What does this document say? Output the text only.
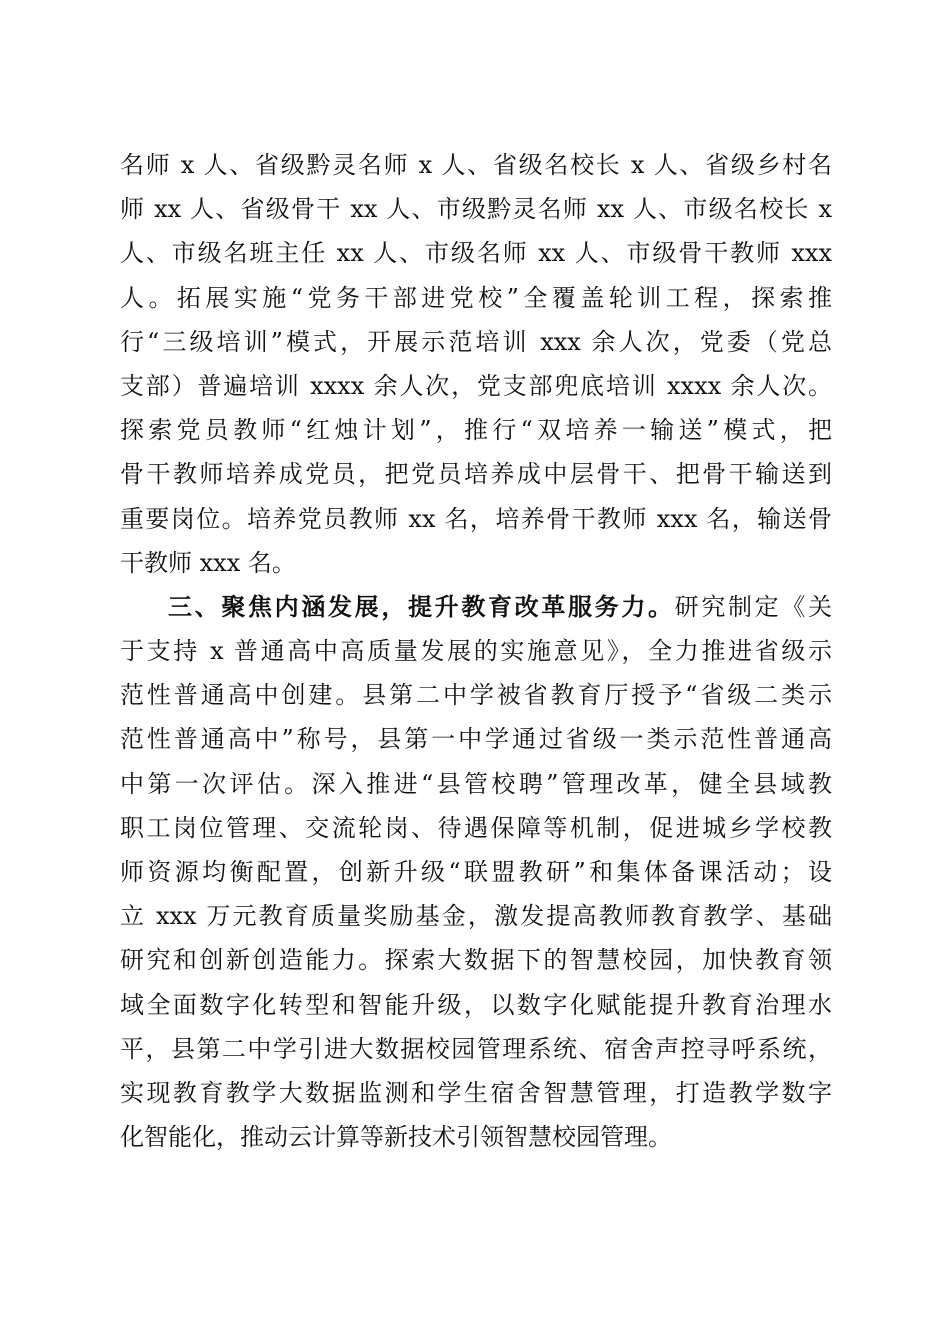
名师 x 人、省级黔灵名师 x 人、省级名校长 x 人、省级乡村名
师 xx 人、省级骨干 xx 人、市级黔灵名师 xx 人、市级名校长 x
人、市级名班主任 xx 人、市级名师 xx 人、市级骨干教师 xxx
人。拓展实施“党务干部进党校”全覆盖轮训工程，探索推
行“三级培训”模式，开展示范培训 xxx 余人次，党委（党总
支部）普遍培训 xxxx 余人次，党支部兜底培训 xxxx 余人次。
探索党员教师“红烛计划”，推行“双培养一输送”模式，把
骨干教师培养成党员，把党员培养成中层骨干、把骨干输送到
重要岗位。培养党员教师 xx 名，培养骨干教师 xxx 名，输送骨
干教师 xxx 名。
三、聚焦内涵发展，提升教育改革服务力。研究制定《关
于支持 x 普通高中高质量发展的实施意见》，全力推进省级示
范性普通高中创建。县第二中学被省教育厅授予“省级二类示
范性普通高中”称号，县第一中学通过省级一类示范性普通高
中第一次评估。深入推进“县管校聘”管理改革，健全县域教
职工岗位管理、交流轮岗、待遇保障等机制，促进城乡学校教
师资源均衡配置，创新升级“联盟教研”和集体备课活动；设
立 xxx 万元教育质量奖励基金，激发提高教师教育教学、基础
研究和创新创造能力。探索大数据下的智慧校园，加快教育领
域全面数字化转型和智能升级，以数字化赋能提升教育治理水
平，县第二中学引进大数据校园管理系统、宿舍声控寻呼系统，
实现教育教学大数据监测和学生宿舍智慧管理，打造教学数字
化智能化，推动云计算等新技术引领智慧校园管理。
